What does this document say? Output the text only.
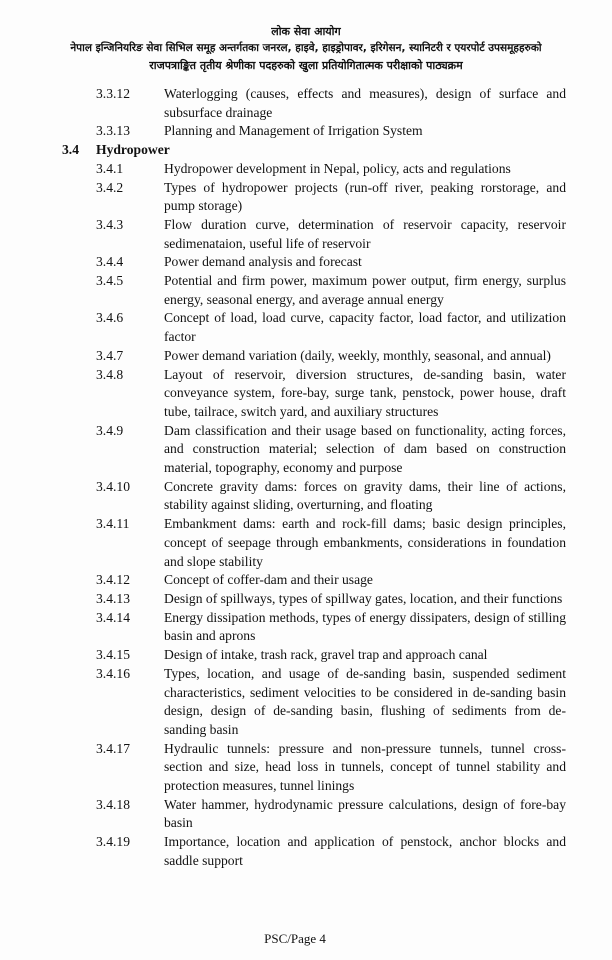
लोक सेवा आयोग
नेपाल इन्जिनियरिङ सेवा सिभिल समूह अन्तर्गतका जनरल, हाइवे, हाइड्रोपावर, इरिगेसन, स्यानिटरी र एयरपोर्ट उपसमूहहरुको
राजपत्राङ्कित तृतीय श्रेणीका पदहरुको खुला प्रतियोगितात्मक परीक्षाको पाठ्यक्रम
3.3.12	Waterlogging (causes, effects and measures), design of surface and subsurface drainage
3.3.13	Planning and Management of Irrigation System
3.4 Hydropower
3.4.1	Hydropower development in Nepal, policy, acts and regulations
3.4.2	Types of hydropower projects (run-off river, peaking rorstorage, and pump storage)
3.4.3	Flow duration curve, determination of reservoir capacity, reservoir sedimenataion, useful life of reservoir
3.4.4	Power demand analysis and forecast
3.4.5	Potential and firm power, maximum power output, firm energy, surplus energy, seasonal energy, and average annual energy
3.4.6	Concept of load, load curve, capacity factor, load factor, and utilization factor
3.4.7	Power demand variation (daily, weekly, monthly, seasonal, and annual)
3.4.8	Layout of reservoir, diversion structures, de-sanding basin, water conveyance system, fore-bay, surge tank, penstock, power house, draft tube, tailrace, switch yard, and auxiliary structures
3.4.9	Dam classification and their usage based on functionality, acting forces, and construction material; selection of dam based on construction material, topography, economy and purpose
3.4.10	Concrete gravity dams: forces on gravity dams, their line of actions, stability against sliding, overturning, and floating
3.4.11	Embankment dams: earth and rock-fill dams; basic design principles, concept of seepage through embankments, considerations in foundation and slope stability
3.4.12	Concept of coffer-dam and their usage
3.4.13	Design of spillways, types of spillway gates, location, and their functions
3.4.14	Energy dissipation methods, types of energy dissipaters, design of stilling basin and aprons
3.4.15	Design of intake, trash rack, gravel trap and approach canal
3.4.16	Types, location, and usage of de-sanding basin, suspended sediment characteristics, sediment velocities to be considered in de-sanding basin design, design of de-sanding basin, flushing of sediments from de-sanding basin
3.4.17	Hydraulic tunnels: pressure and non-pressure tunnels, tunnel cross-section and size, head loss in tunnels, concept of tunnel stability and protection measures, tunnel linings
3.4.18	Water hammer, hydrodynamic pressure calculations, design of fore-bay basin
3.4.19	Importance, location and application of penstock, anchor blocks and saddle support
PSC/Page 4
